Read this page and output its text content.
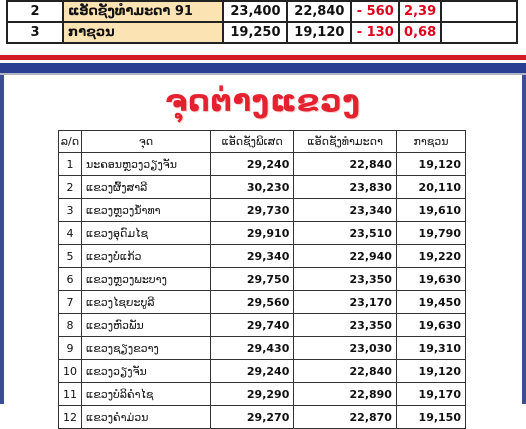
2	ແອັດຊັງທຳມະດາ 91	23,400	22,840	- 560	2,39	
3	ກາຊວນ	19,250	19,120	- 130	0,68	
ຈຸດຕ່າງແຂວງ
ລ/ດ	ຈຸດ	ແອັດຊັງພິເສດ	ແອັດຊັງທຳມະດາ	ກາຊວນ
1	ນະຄອນຫຼວງວຽງຈັນ	29,240	22,840	19,120
2	ແຂວງຜົ້ງສາລີ	30,230	23,830	20,110
3	ແຂວງຫຼວງນ້ຳທາ	29,730	23,340	19,610
4	ແຂວງອຸດົມໄຊ	29,910	23,510	19,790
5	ແຂວງບໍ່ແກ້ວ	29,340	22,940	19,220
6	ແຂວງຫຼວງພະບາງ	29,750	23,350	19,630
7	ແຂວງໄຊຍະບູລີ	29,560	23,170	19,450
8	ແຂວງຫົວພັນ	29,740	23,350	19,630
9	ແຂວງຊຽງຂວາງ	29,430	23,030	19,310
10	ແຂວງວຽງຈັນ	29,240	22,840	19,120
11	ແຂວງບໍລິຄຳໄຊ	29,290	22,890	19,170
12	ແຂວງຄຳມ່ວນ	29,270	22,870	19,150
